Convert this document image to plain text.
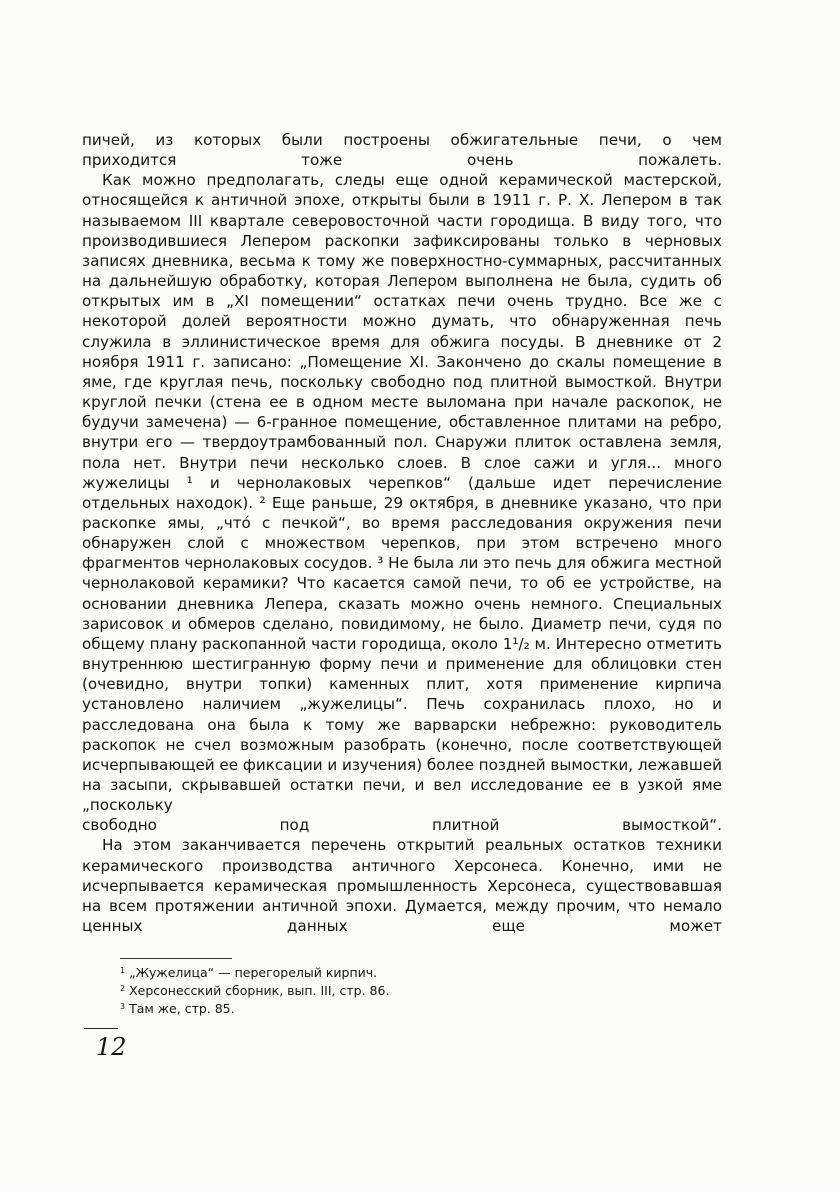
пичей, из которых были построены обжигательные печи, о чем
приходится тоже очень пожалеть.

Как можно предполагать, следы еще одной керамической мастерской, относящейся к античной эпохе, открыты были в 1911 г. Р. Х. Лепером в так называемом III квартале северовосточной части городища. В виду того, что производившиеся Лепером раскопки зафиксированы только в черновых записях дневника, весьма к тому же поверхностно-суммарных, рассчитанных на дальнейшую обработку, которая Лепером выполнена не была, судить об открытых им в „XI помещении“ остатках печи очень трудно. Все же с некоторой долей вероятности можно думать, что обнаруженная печь служила в эллинистическое время для обжига посуды. В дневнике от 2 ноября 1911 г. записано: „Помещение XI. Закончено до скалы помещение в яме, где круглая печь, поскольку свободно под плитной вымосткой. Внутри круглой печки (стена ее в одном месте выломана при начале раскопок, не будучи замечена) — 6-гранное помещение, обставленное плитами на ребро, внутри его — твердоутрамбованный пол. Снаружи плиток оставлена земля, пола нет. Внутри печи несколько слоев. В слое сажи и угля... много жужелицы ¹ и чернолаковых черепков“ (дальше идет перечисление отдельных находок). ² Еще раньше, 29 октября, в дневнике указано, что при раскопке ямы, „что́ с печкой“, во время расследования окружения печи обнаружен слой с множеством черепков, при этом встречено много фрагментов чернолаковых сосудов. ³ Не была ли это печь для обжига местной чернолаковой керамики? Что касается самой печи, то об ее устройстве, на основании дневника Лепера, сказать можно очень немного. Специальных зарисовок и обмеров сделано, повидимому, не было. Диаметр печи, судя по общему плану раскопанной части городища, около 1¹/₂ м. Интересно отметить внутреннюю шестигранную форму печи и применение для облицовки стен (очевидно, внутри топки) каменных плит, хотя применение кирпича установлено наличием „жужелицы“. Печь сохранилась плохо, но и расследована она была к тому же варварски небрежно: руководитель раскопок не счел возможным разобрать (конечно, после соответствующей исчерпывающей ее фиксации и изучения) более поздней вымостки, лежавшей на засыпи, скрывавшей остатки печи, и вел исследование ее в узкой яме „поскольку
свободно под плитной вымосткой“.

На этом заканчивается перечень открытий реальных остатков техники керамического производства античного Херсонеса. Конечно, ими не исчерпывается керамическая промышленность Херсонеса, существовавшая на всем протяжении античной эпохи. Думается, между прочим, что немало ценных данных еще может

$^1$ „Жужелица“ — перегорелый кирпич.

$^2$ Херсонесский сборник, вып. III, стр. 86.

$^3$ Там же, стр. 85.

12
